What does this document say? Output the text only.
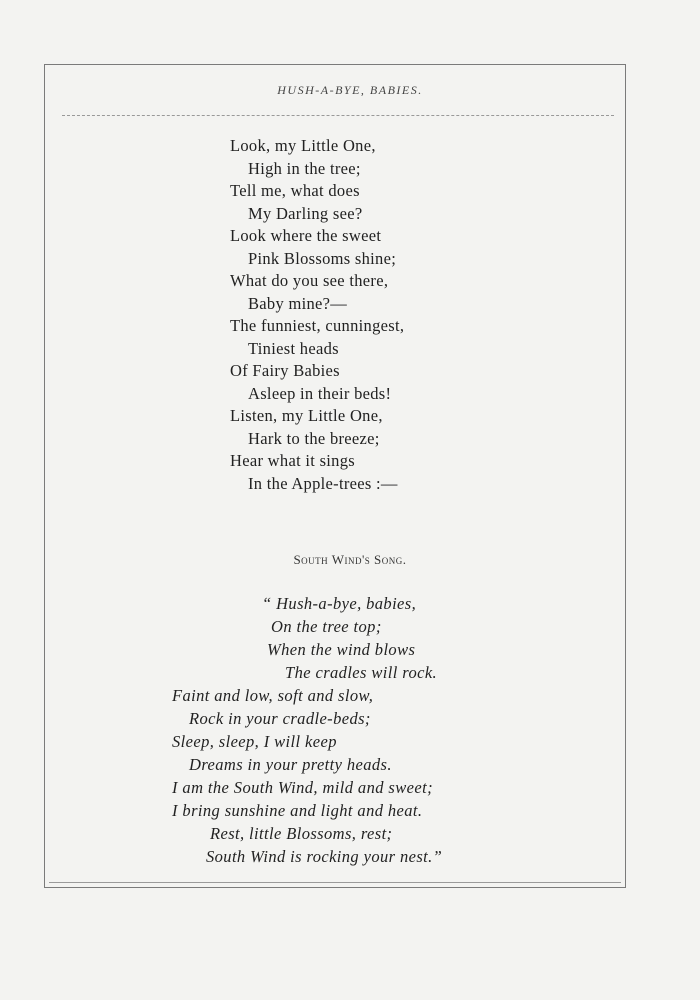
HUSH-A-BYE, BABIES.
Look, my Little One,
High in the tree;
Tell me, what does
My Darling see?
Look where the sweet
Pink Blossoms shine;
What do you see there,
Baby mine?—
The funniest, cunningest,
Tiniest heads
Of Fairy Babies
Asleep in their beds!
Listen, my Little One,
Hark to the breeze;
Hear what it sings
In the Apple-trees :—
South Wind's Song.
“ Hush-a-bye, babies,
On the tree top;
When the wind blows
The cradles will rock.
Faint and low, soft and slow,
Rock in your cradle-beds;
Sleep, sleep, I will keep
Dreams in your pretty heads.
I am the South Wind, mild and sweet;
I bring sunshine and light and heat.
Rest, little Blossoms, rest;
South Wind is rocking your nest.”
